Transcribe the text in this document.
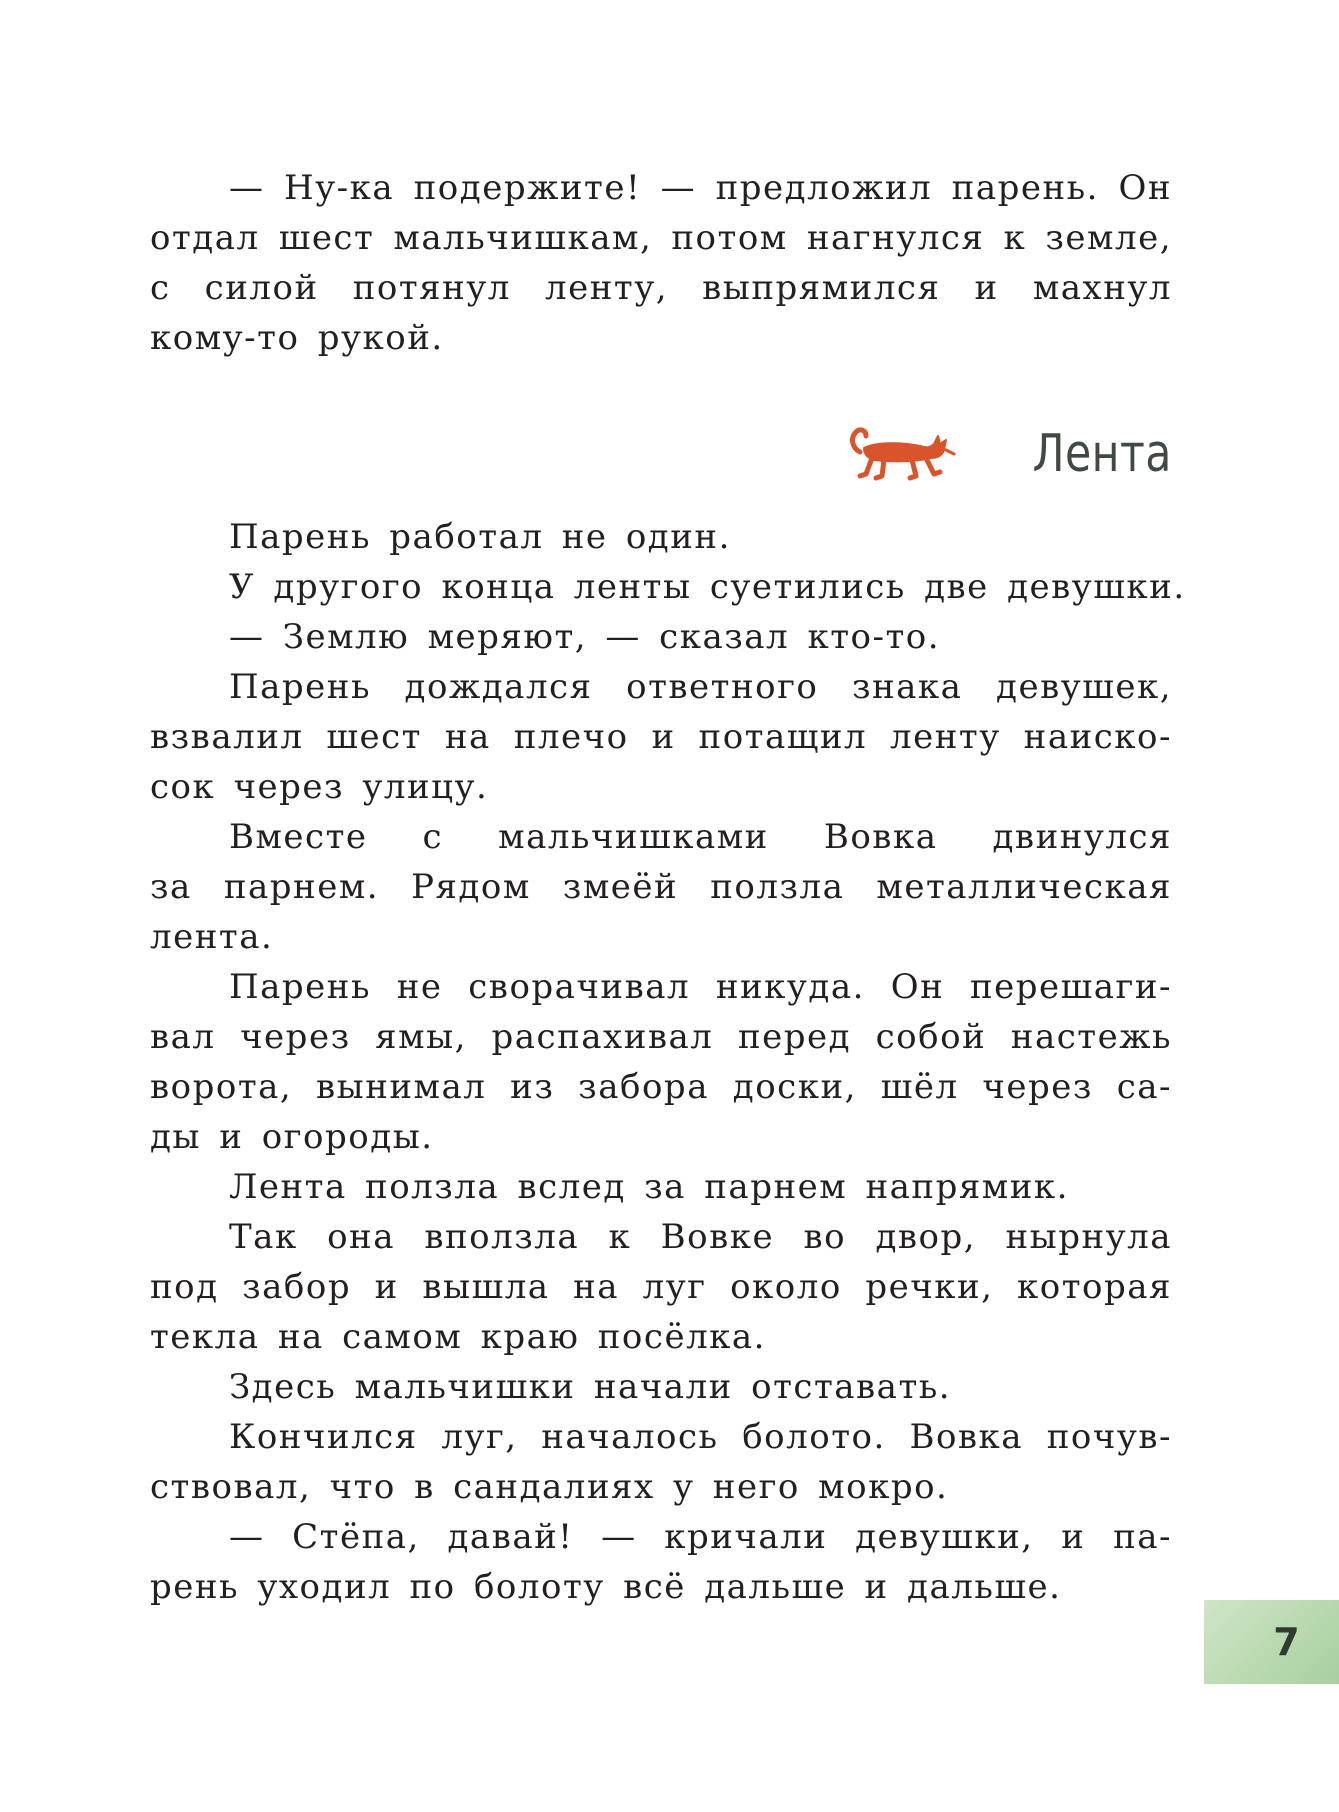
— Ну-ка подержите! — предложил парень. Он
отдал шест мальчишкам, потом нагнулся к земле,
с силой потянул ленту, выпрямился и махнул
кому-то рукой.
Лента
Парень работал не один.
У другого конца ленты суетились две девушки.
— Землю меряют, — сказал кто-то.
Парень дождался ответного знака девушек,
взвалил шест на плечо и потащил ленту наиско-
сок через улицу.
Вместе с мальчишками Вовка двинулся
за парнем. Рядом змеёй ползла металлическая
лента.
Парень не сворачивал никуда. Он перешаги-
вал через ямы, распахивал перед собой настежь
ворота, вынимал из забора доски, шёл через са-
ды и огороды.
Лента ползла вслед за парнем напрямик.
Так она вползла к Вовке во двор, нырнула
под забор и вышла на луг около речки, которая
текла на самом краю посёлка.
Здесь мальчишки начали отставать.
Кончился луг, началось болото. Вовка почув-
ствовал, что в сандалиях у него мокро.
— Стёпа, давай! — кричали девушки, и па-
рень уходил по болоту всё дальше и дальше.
7
